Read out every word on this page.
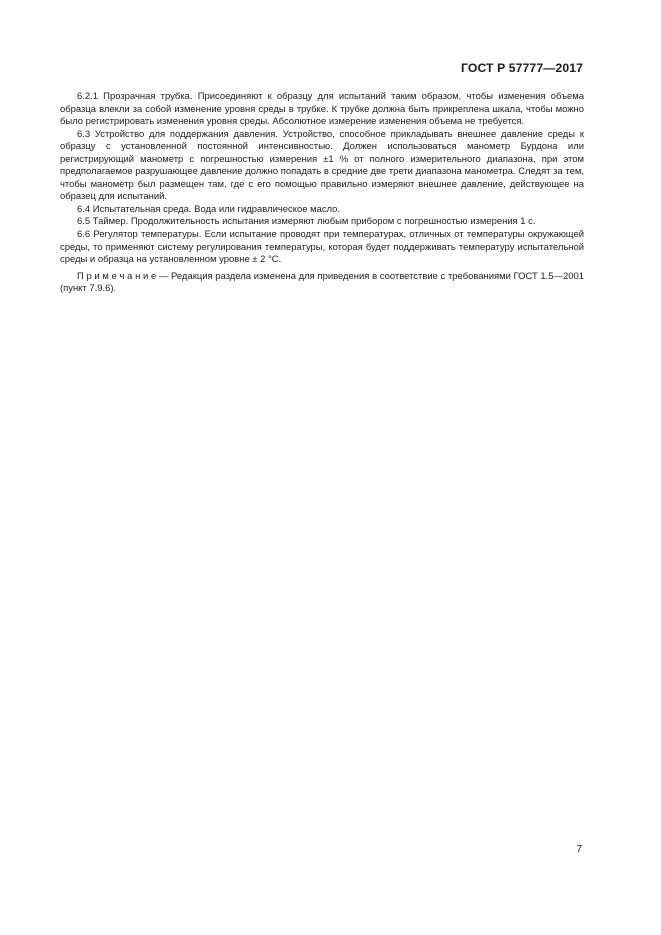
ГОСТ Р 57777—2017

6.2.1 Прозрачная трубка. Присоединяют к образцу для испытаний таким образом, чтобы изменения объема образца влекли за собой изменение уровня среды в трубке. К трубке должна быть прикреплена шкала, чтобы можно было регистрировать изменения уровня среды. Абсолютное измерение изменения объема не требуется.

6.3 Устройство для поддержания давления. Устройство, способное прикладывать внешнее давление среды к образцу с установленной постоянной интенсивностью. Должен использоваться манометр Бурдона или регистрирующий манометр с погрешностью измерения ±1 % от полного измерительного диапазона, при этом предполагаемое разрушающее давление должно попадать в средние две трети диапазона манометра. Следят за тем, чтобы манометр был размещен там, где с его помощью правильно измеряют внешнее давление, действующее на образец для испытаний.

6.4 Испытательная среда. Вода или гидравлическое масло.

6.5 Таймер. Продолжительность испытания измеряют любым прибором с погрешностью измерения 1 с.

6.6 Регулятор температуры. Если испытание проводят при температурах, отличных от температуры окружающей среды, то применяют систему регулирования температуры, которая будет поддерживать температуру испытательной среды и образца на установленном уровне ± 2 °С.

П р и м е ч а н и е — Редакция раздела изменена для приведения в соответствие с требованиями ГОСТ 1.5—2001 (пункт 7.9.6).

7
